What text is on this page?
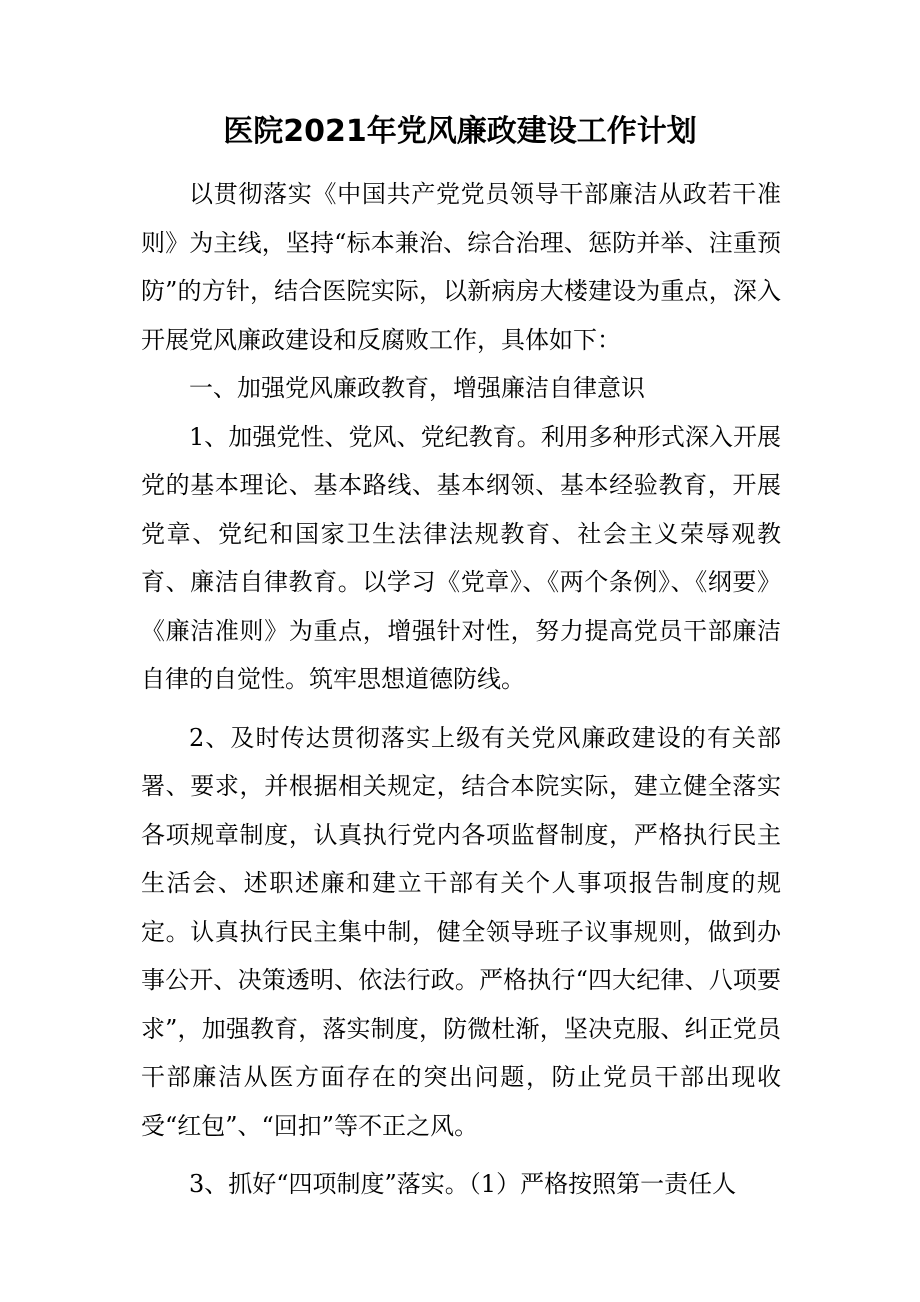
医院2021年党风廉政建设工作计划

以贯彻落实《中国共产党党员领导干部廉洁从政若干准则》为主线，坚持“标本兼治、综合治理、惩防并举、注重预防”的方针，结合医院实际，以新病房大楼建设为重点，深入开展党风廉政建设和反腐败工作，具体如下：

一、加强党风廉政教育，增强廉洁自律意识

1、加强党性、党风、党纪教育。利用多种形式深入开展党的基本理论、基本路线、基本纲领、基本经验教育，开展党章、党纪和国家卫生法律法规教育、社会主义荣辱观教育、廉洁自律教育。以学习《党章》、《两个条例》、《纲要》《廉洁准则》为重点，增强针对性，努力提高党员干部廉洁自律的自觉性。筑牢思想道德防线。

2、及时传达贯彻落实上级有关党风廉政建设的有关部署、要求，并根据相关规定，结合本院实际，建立健全落实各项规章制度，认真执行党内各项监督制度，严格执行民主生活会、述职述廉和建立干部有关个人事项报告制度的规定。认真执行民主集中制，健全领导班子议事规则，做到办事公开、决策透明、依法行政。严格执行“四大纪律、八项要求”，加强教育，落实制度，防微杜渐，坚决克服、纠正党员干部廉洁从医方面存在的突出问题，防止党员干部出现收受“红包”、“回扣”等不正之风。

3、抓好“四项制度”落实。（1）严格按照第一责任人
